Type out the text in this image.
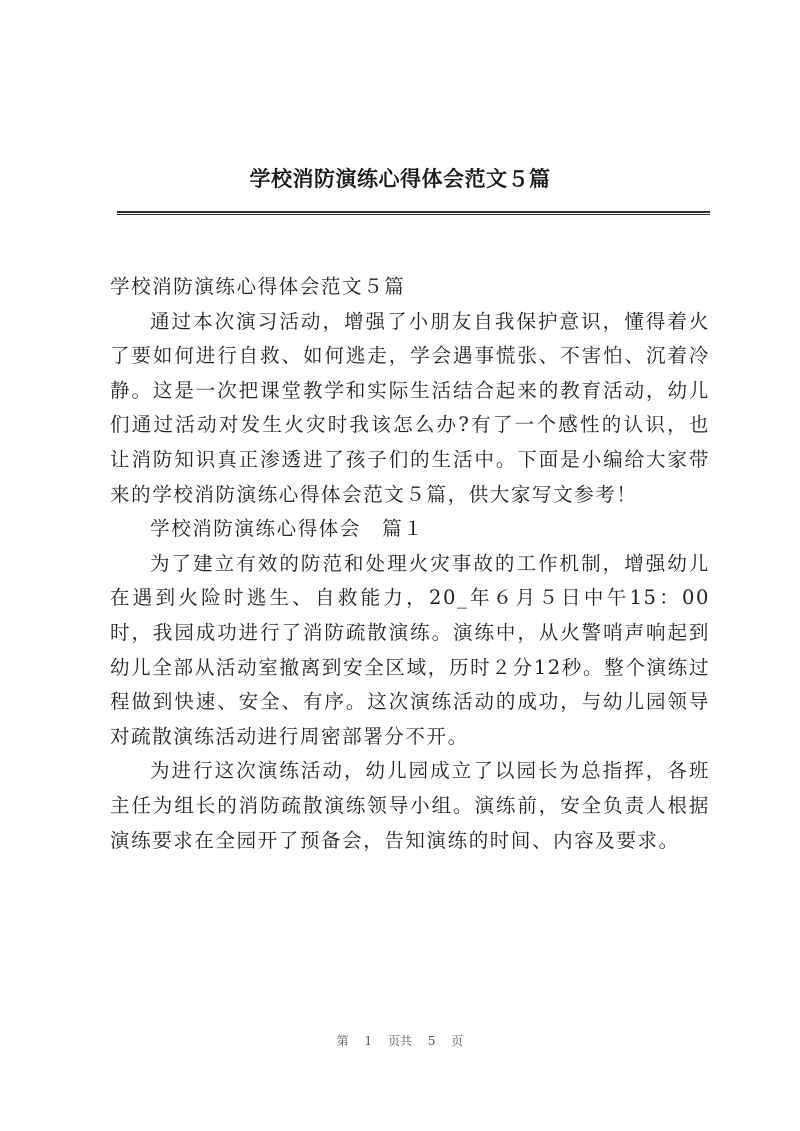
学校消防演练心得体会范文５篇

学校消防演练心得体会范文５篇

通过本次演习活动，增强了小朋友自我保护意识，懂得着火了要如何进行自救、如何逃走，学会遇事慌张、不害怕、沉着冷静。这是一次把课堂教学和实际生活结合起来的教育活动，幼儿们通过活动对发生火灾时我该怎么办?有了一个感性的认识，也让消防知识真正渗透进了孩子们的生活中。下面是小编给大家带来的学校消防演练心得体会范文５篇，供大家写文参考！

学校消防演练心得体会　篇１

为了建立有效的防范和处理火灾事故的工作机制，增强幼儿在遇到火险时逃生、自救能力，20_年６月５日中午15：00时，我园成功进行了消防疏散演练。演练中，从火警哨声响起到幼儿全部从活动室撤离到安全区域，历时２分12秒。整个演练过程做到快速、安全、有序。这次演练活动的成功，与幼儿园领导对疏散演练活动进行周密部署分不开。

为进行这次演练活动，幼儿园成立了以园长为总指挥，各班主任为组长的消防疏散演练领导小组。演练前，安全负责人根据演练要求在全园开了预备会，告知演练的时间、内容及要求。

第 1 页共 5 页
